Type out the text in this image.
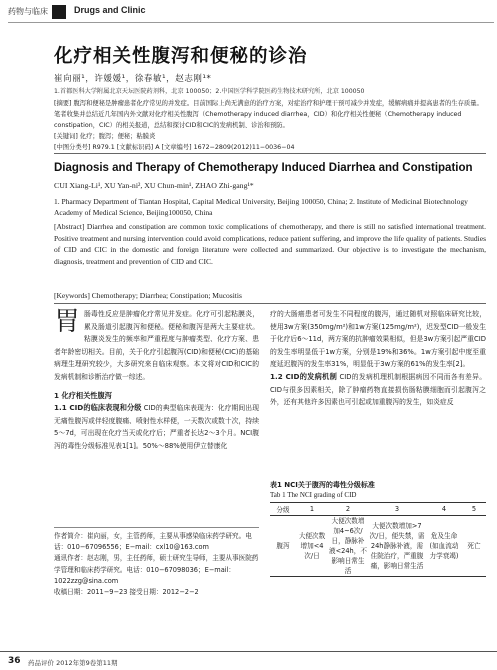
药物与临床	Drugs and Clinic
化疗相关性腹泻和便秘的诊治
崔向丽¹，许媛媛¹，徐春敏¹，赵志刚¹*
1.首都医科大学附属北京天坛医院药剂科，北京 100050；2.中国医学科学院医药生物技术研究所，北京 100050
[摘要] 腹泻和便秘是肿瘤患者化疗常见的并发症。目前国际上尚无满意的治疗方案，对症治疗和护理干预可减少并发症，缓解病痛并提高患者的生存质量。笔者收集并总结近几年国内外文献对化疗相关性腹泻（Chemotherapy induced diarrhea，CID）和化疗相关性便秘（Chemotherapy induced constipation，CIC）的相关报道，总结和探讨CID和CIC的发病机制、诊治和预防。
[关键词] 化疗；腹泻；便秘；粘膜炎
[中图分类号] R979.1 [文献标识码] A [文章编号] 1672−2809(2012)11−0036−04
Diagnosis and Therapy of Chemotherapy Induced Diarrhea and Constipation
CUI Xiang-Li¹, XU Yan-ni², XU Chun-min¹, ZHAO Zhi-gang¹*
1. Pharmacy Department of Tiantan Hospital, Capital Medical University, Beijing 100050, China; 2. Institute of Medicinal Biotechnology Academy of Medical Science, Beijing100050, China
[Abstract] Diarrhea and constipation are common toxic complications of chemotherapy, and there is still no satisfied international treatment. Positive treatment and nursing intervention could avoid complications, reduce patient suffering, and improve the life quality of patients. Studies of CID and CIC in the domestic and foreign literature were collected and summarized. Our objective is to investigate the mechanism, diagnosis, treatment and prevention of CID and CIC.
[Keywords] Chemotherapy; Diarrhea; Constipation; Mucositis
胃 肠毒性反应是肿瘤化疗常见并发症。化疗可引起粘膜炎，累及肠道引起腹泻和便秘。便秘和腹泻是两大主要症状。粘膜炎发生的频率和严重程度与肿瘤类型、化疗方案、患者年龄密切相关。目前，关于化疗引起腹泻(CID)和便秘(CIC)的基础病理生理研究较少，大多研究来自临床观察。本文将对CID和CIC的发病机制和诊断治疗做一综述。
1 化疗相关性腹泻
1.1 CID的临床表现和分级 CID的典型临床表现为：化疗期间出现无痛性腹泻或伴轻度腹痛、喷射性水样便，一天数次或数十次，持续5～7d，可出现在化疗当天或化疗后；严重者长达2～3个月。NCI腹泻的毒性分级标准见表1[1]。50%～88%使用伊立替康化
作者简介：崔向丽，女，主管药师，主要从事感染临床药学研究。电话：010−67096556；E−mail：cxl10@163.com
通讯作者：赵志刚，男，主任药师，硕士研究生导师，主要从事医院药学管理和临床药学研究。电话：010−67098036；E−mail：1022zzg@sina.com
收稿日期：2011−9−23 接受日期：2012−2−2
疗的大肠癌患者可发生不同程度的腹泻，通过随机对照临床研究比较，使用3w方案(350mg/m²)和1w方案(125mg/m²)，迟发型CID一般发生于化疗后6～11d，两方案的抗肿瘤效果相似，但是3w方案引起严重CID的发生率明显低于1w方案，分别是19%和36%。1w方案引起中度至重度延迟腹泻的发生率31%，明显低于3w方案的61%的发生率[2]。
1.2 CID的发病机制 CID的发病机理机制根据病因不同而各有差异。CID与很多因素相关，除了肿瘤药物直接损伤肠粘膜细胞而引起腹泻之外，还有其他许多因素也可引起或加重腹泻的发生，如炎症反
表1 NCI关于腹泻的毒性分级标准
Tab 1 The NCI grading of CID
分级	1	2	3	4	5
腹泻	大便次数增加<4次/日	大便次数增加4~6次/日，静脉补液<24h，不影响日常生活	大便次数增加>7次/日，便失禁，需24h静脉补液，需住院治疗，严重腹痛，影响日常生活	危及生命(如血流动力学衰竭)	死亡
36 药品评价 2012年第9卷第11期
